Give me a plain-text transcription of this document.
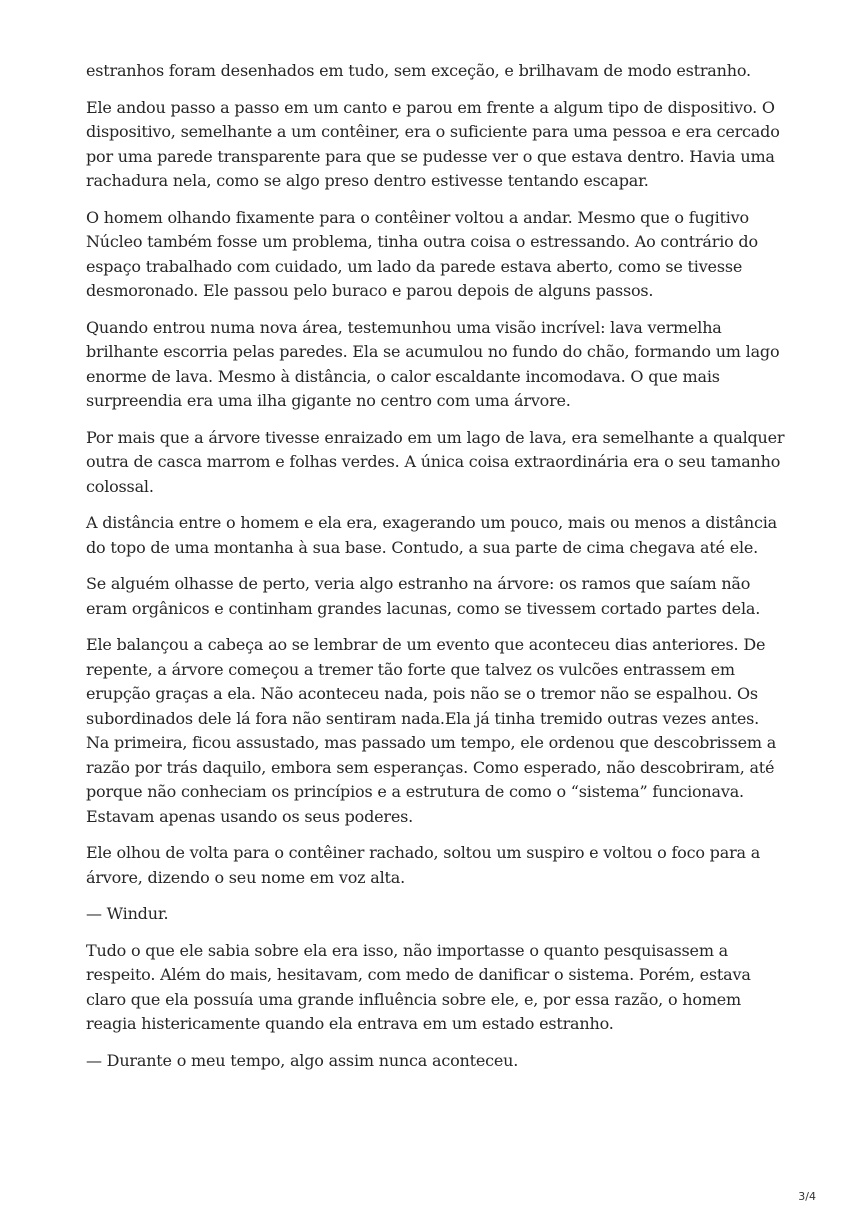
estranhos foram desenhados em tudo, sem exceção, e brilhavam de modo estranho.

Ele andou passo a passo em um canto e parou em frente a algum tipo de dispositivo. O dispositivo, semelhante a um contêiner, era o suficiente para uma pessoa e era cercado por uma parede transparente para que se pudesse ver o que estava dentro. Havia uma rachadura nela, como se algo preso dentro estivesse tentando escapar.

O homem olhando fixamente para o contêiner voltou a andar. Mesmo que o fugitivo Núcleo também fosse um problema, tinha outra coisa o estressando. Ao contrário do espaço trabalhado com cuidado, um lado da parede estava aberto, como se tivesse desmoronado. Ele passou pelo buraco e parou depois de alguns passos.

Quando entrou numa nova área, testemunhou uma visão incrível: lava vermelha brilhante escorria pelas paredes. Ela se acumulou no fundo do chão, formando um lago enorme de lava. Mesmo à distância, o calor escaldante incomodava. O que mais surpreendia era uma ilha gigante no centro com uma árvore.

Por mais que a árvore tivesse enraizado em um lago de lava, era semelhante a qualquer outra de casca marrom e folhas verdes. A única coisa extraordinária era o seu tamanho colossal.

A distância entre o homem e ela era, exagerando um pouco, mais ou menos a distância do topo de uma montanha à sua base. Contudo, a sua parte de cima chegava até ele.

Se alguém olhasse de perto, veria algo estranho na árvore: os ramos que saíam não eram orgânicos e continham grandes lacunas, como se tivessem cortado partes dela.

Ele balançou a cabeça ao se lembrar de um evento que aconteceu dias anteriores. De repente, a árvore começou a tremer tão forte que talvez os vulcões entrassem em erupção graças a ela. Não aconteceu nada, pois não se o tremor não se espalhou. Os subordinados dele lá fora não sentiram nada.Ela já tinha tremido outras vezes antes. Na primeira, ficou assustado, mas passado um tempo, ele ordenou que descobrissem a razão por trás daquilo, embora sem esperanças. Como esperado, não descobriram, até porque não conheciam os princípios e a estrutura de como o “sistema” funcionava. Estavam apenas usando os seus poderes.

Ele olhou de volta para o contêiner rachado, soltou um suspiro e voltou o foco para a árvore, dizendo o seu nome em voz alta.

— Windur.

Tudo o que ele sabia sobre ela era isso, não importasse o quanto pesquisassem a respeito. Além do mais, hesitavam, com medo de danificar o sistema. Porém, estava claro que ela possuía uma grande influência sobre ele, e, por essa razão, o homem reagia histericamente quando ela entrava em um estado estranho.

— Durante o meu tempo, algo assim nunca aconteceu.

3/4
